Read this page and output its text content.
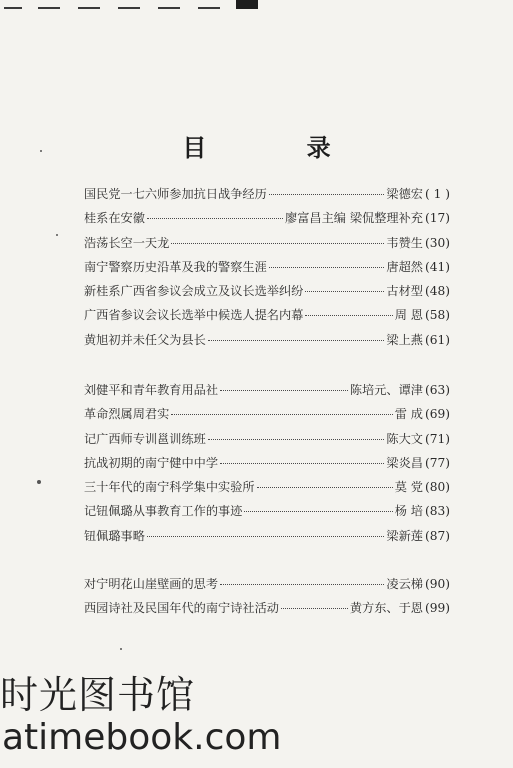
目 录
国民党一七六师参加抗日战争经历	梁德宏 ( 1 )
桂系在安徽	廖富昌主编 梁侃整理补充 (17)
浩荡长空一天龙	韦赞生 (30)
南宁警察历史沿革及我的警察生涯	唐超然 (41)
新桂系广西省参议会成立及议长选举纠纷	古材型 (48)
广西省参议会议长选举中候选人提名内幕	周 恩 (58)
黄旭初并未任父为县长	梁上燕 (61)
刘健平和青年教育用品社	陈培元、谭津 (63)
革命烈属周君实	雷 成 (69)
记广西师专训邕训练班	陈大文 (71)
抗战初期的南宁健中中学	梁炎昌 (77)
三十年代的南宁科学集中实验所	莫 党 (80)
记钮佩璐从事教育工作的事迹	杨 培 (83)
钮佩璐事略	梁新莲 (87)
对宁明花山崖壁画的思考	凌云梯 (90)
西园诗社及民国年代的南宁诗社活动	黄方东、于恩 (99)
时光图书馆
atimebook.com
